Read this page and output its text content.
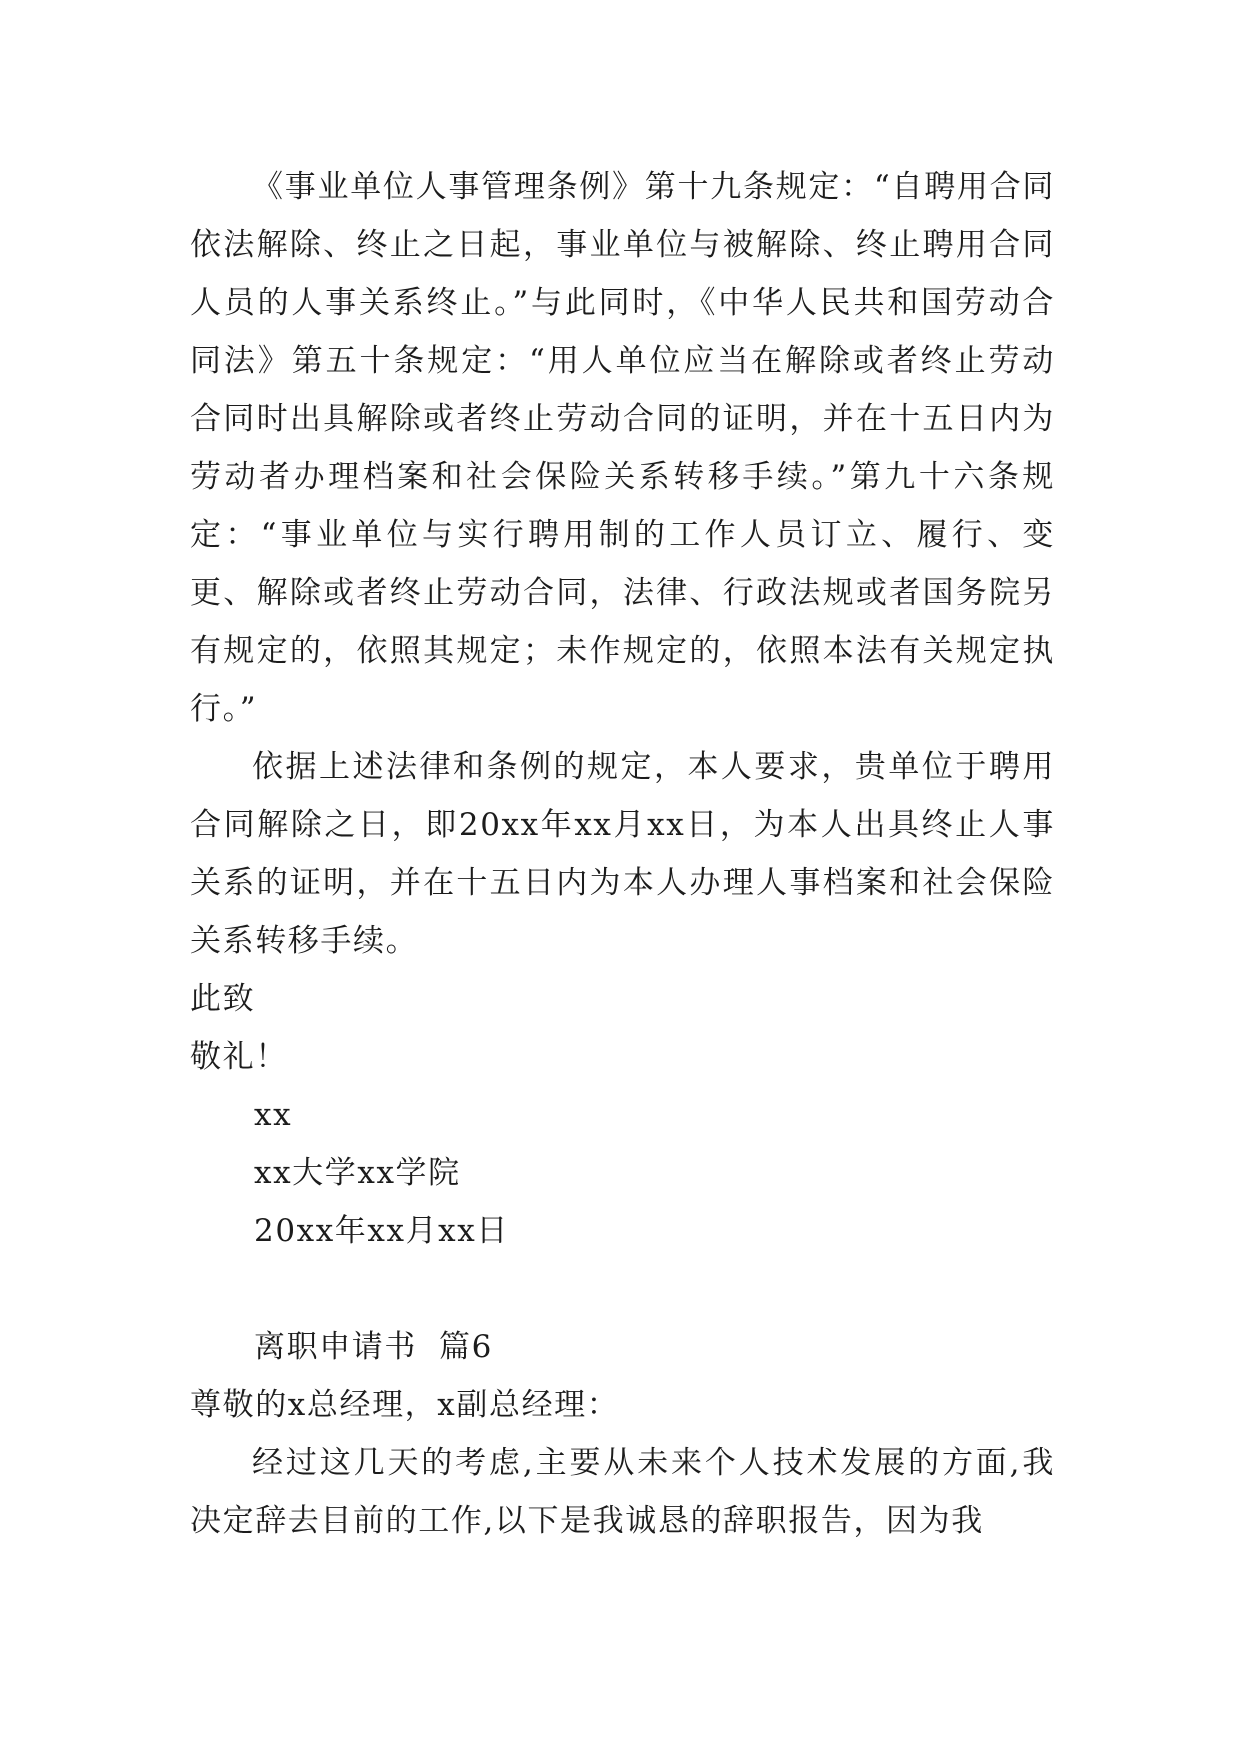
《事业单位人事管理条例》第十九条规定：“自聘用合同依法解除、终止之日起，事业单位与被解除、终止聘用合同人员的人事关系终止。”与此同时，《中华人民共和国劳动合同法》第五十条规定：“用人单位应当在解除或者终止劳动合同时出具解除或者终止劳动合同的证明，并在十五日内为劳动者办理档案和社会保险关系转移手续。”第九十六条规定：“事业单位与实行聘用制的工作人员订立、履行、变更、解除或者终止劳动合同，法律、行政法规或者国务院另有规定的，依照其规定；未作规定的，依照本法有关规定执行。”

依据上述法律和条例的规定，本人要求，贵单位于聘用合同解除之日，即20xx年xx月xx日，为本人出具终止人事关系的证明，并在十五日内为本人办理人事档案和社会保险关系转移手续。

此致

敬礼！

xx

xx大学xx学院

20xx年xx月xx日

离职申请书 篇6

尊敬的x总经理，x副总经理：

经过这几天的考虑,主要从未来个人技术发展的方面,我决定辞去目前的工作,以下是我诚恳的辞职报告，因为我
